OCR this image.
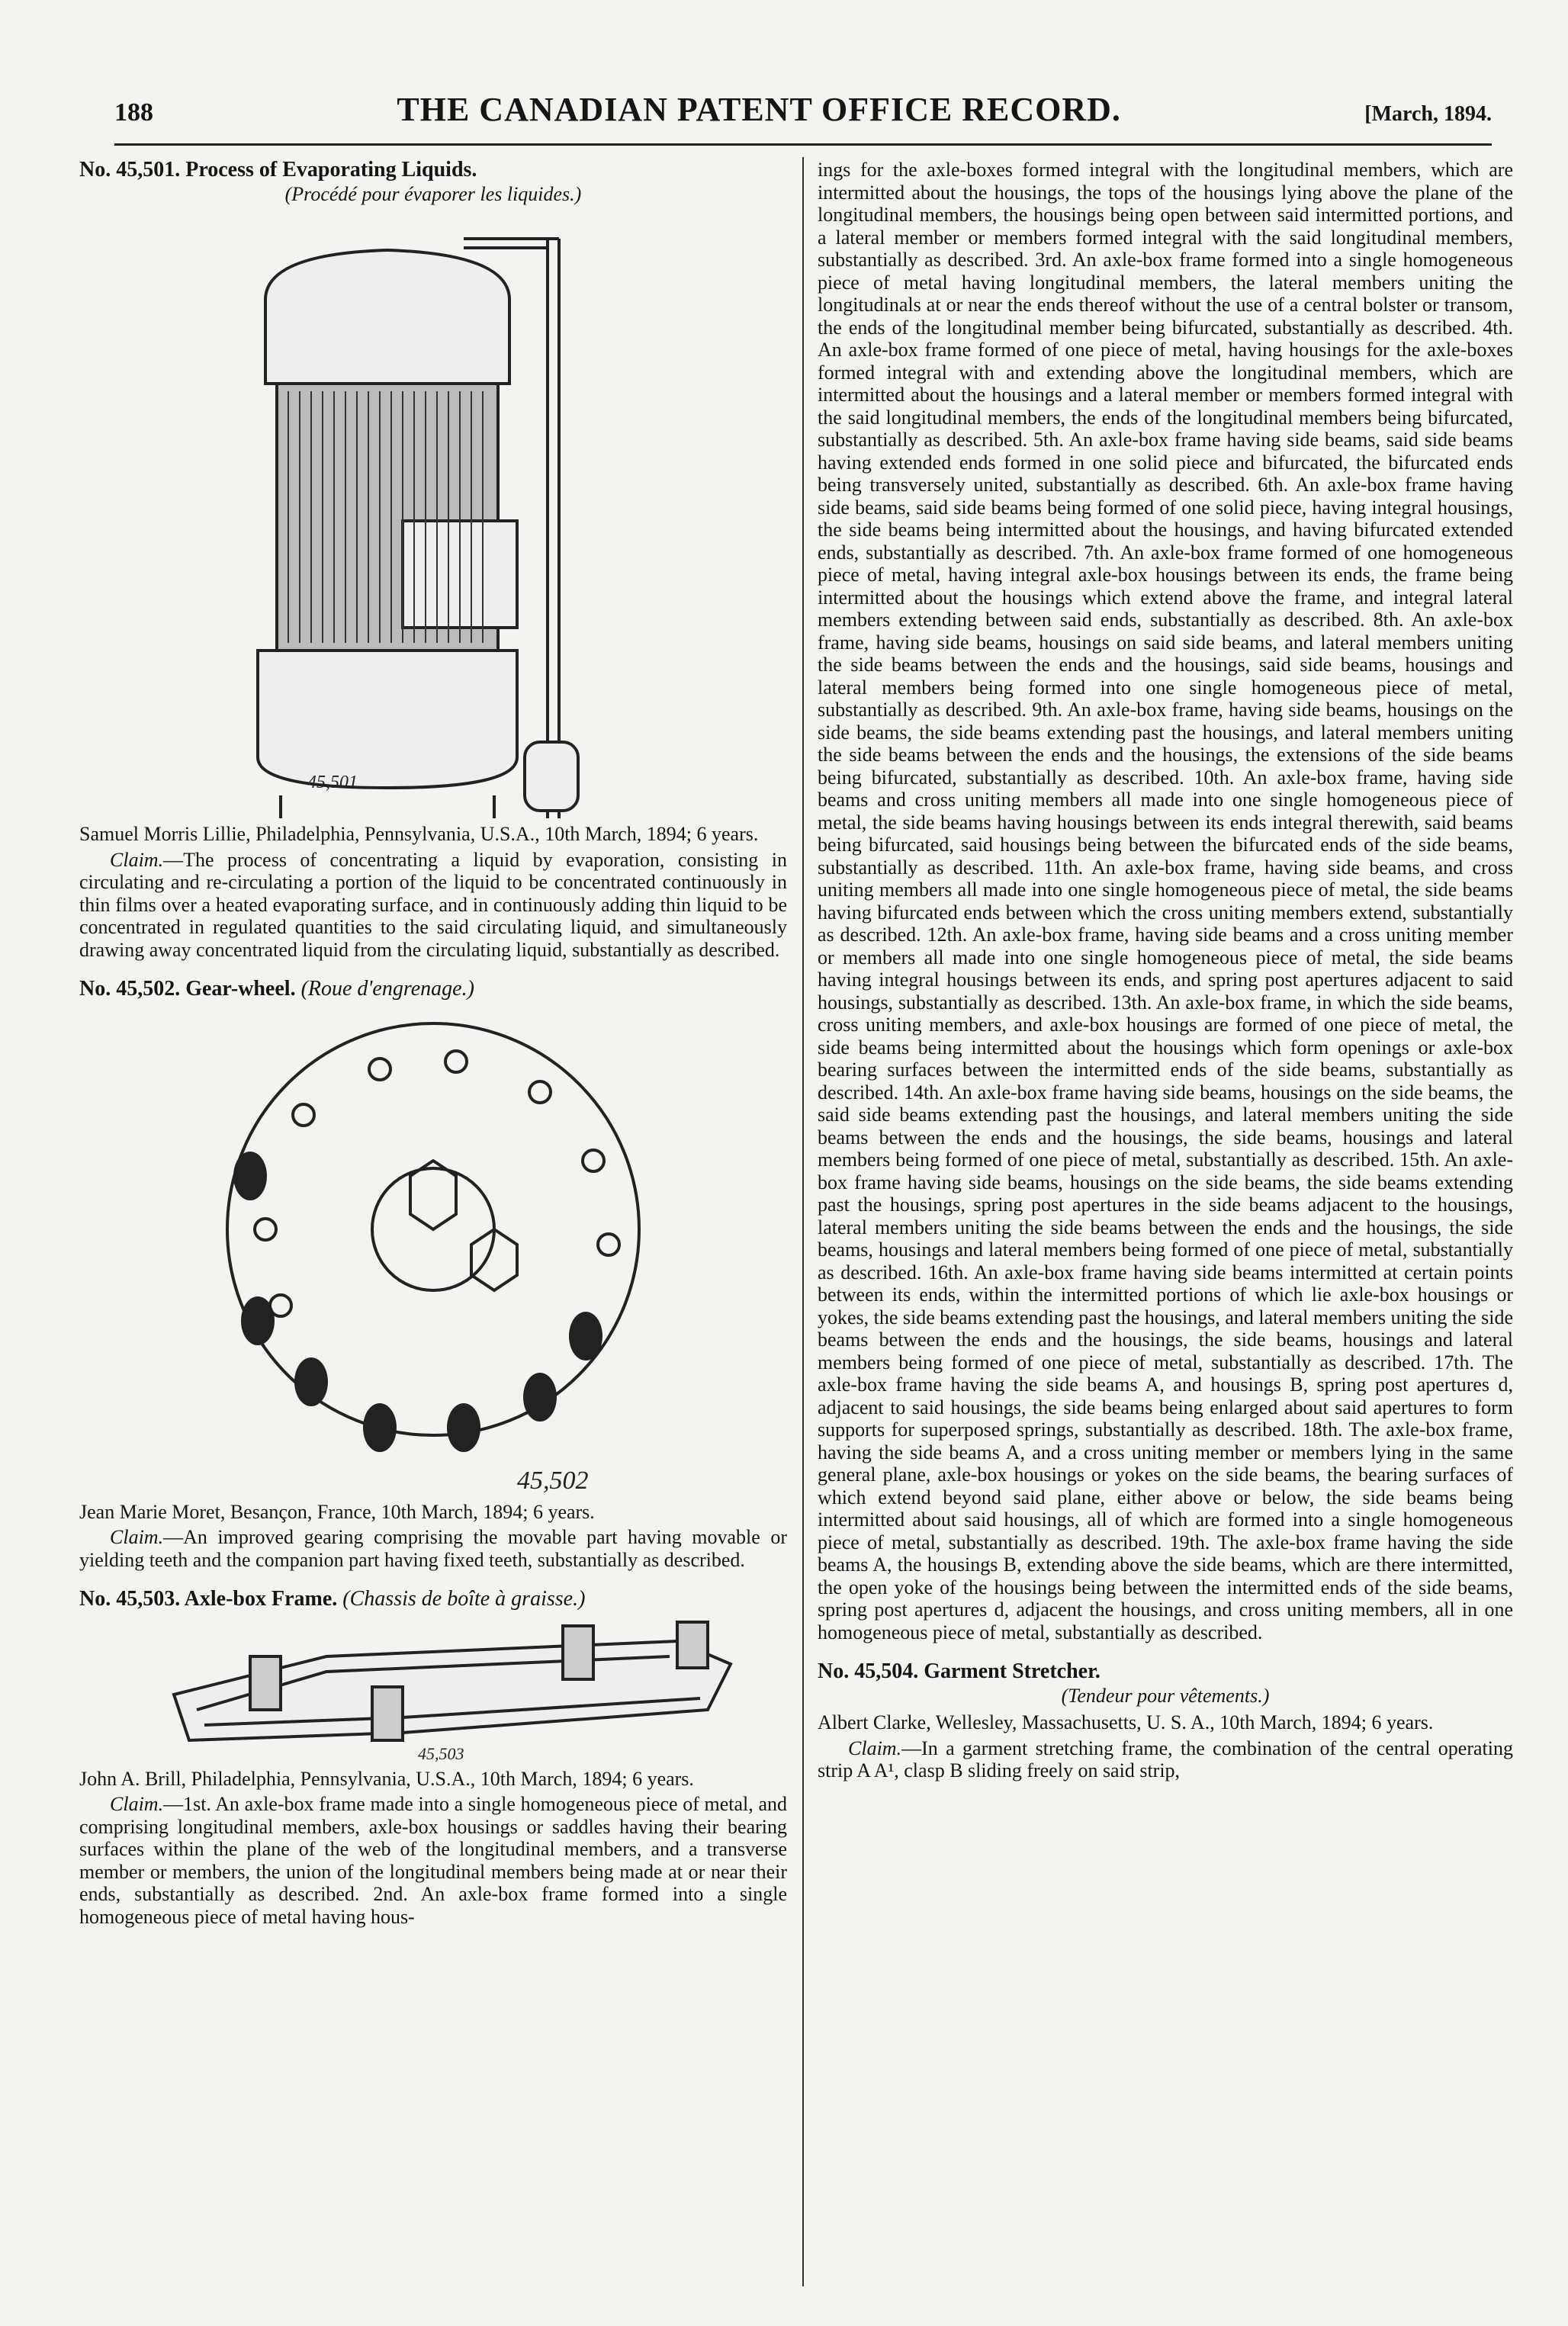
188	THE CANADIAN PATENT OFFICE RECORD.	[March, 1894.

No. 45,501. Process of Evaporating Liquids.

(Procédé pour évaporer les liquides.)

45,501

Samuel Morris Lillie, Philadelphia, Pennsylvania, U.S.A., 10th March, 1894; 6 years.

Claim.—The process of concentrating a liquid by evaporation, consisting in circulating and re-circulating a portion of the liquid to be concentrated continuously in thin films over a heated evaporating surface, and in continuously adding thin liquid to be concentrated in regulated quantities to the said circulating liquid, and simultaneously drawing away concentrated liquid from the circulating liquid, substantially as described.

No. 45,502. Gear-wheel. (Roue d'engrenage.)

45,502

Jean Marie Moret, Besançon, France, 10th March, 1894; 6 years.

Claim.—An improved gearing comprising the movable part having movable or yielding teeth and the companion part having fixed teeth, substantially as described.

No. 45,503. Axle-box Frame. (Chassis de boîte à graisse.)

45,503

John A. Brill, Philadelphia, Pennsylvania, U.S.A., 10th March, 1894; 6 years.

Claim.—1st. An axle-box frame made into a single homogeneous piece of metal, and comprising longitudinal members, axle-box housings or saddles having their bearing surfaces within the plane of the web of the longitudinal members, and a transverse member or members, the union of the longitudinal members being made at or near their ends, substantially as described. 2nd. An axle-box frame formed into a single homogeneous piece of metal having hous-

ings for the axle-boxes formed integral with the longitudinal members, which are intermitted about the housings, the tops of the housings lying above the plane of the longitudinal members, the housings being open between said intermitted portions, and a lateral member or members formed integral with the said longitudinal members, substantially as described. 3rd. An axle-box frame formed into a single homogeneous piece of metal having longitudinal members, the lateral members uniting the longitudinals at or near the ends thereof without the use of a central bolster or transom, the ends of the longitudinal member being bifurcated, substantially as described. 4th. An axle-box frame formed of one piece of metal, having housings for the axle-boxes formed integral with and extending above the longitudinal members, which are intermitted about the housings and a lateral member or members formed integral with the said longitudinal members, the ends of the longitudinal members being bifurcated, substantially as described. 5th. An axle-box frame having side beams, said side beams having extended ends formed in one solid piece and bifurcated, the bifurcated ends being transversely united, substantially as described. 6th. An axle-box frame having side beams, said side beams being formed of one solid piece, having integral housings, the side beams being intermitted about the housings, and having bifurcated extended ends, substantially as described. 7th. An axle-box frame formed of one homogeneous piece of metal, having integral axle-box housings between its ends, the frame being intermitted about the housings which extend above the frame, and integral lateral members extending between said ends, substantially as described. 8th. An axle-box frame, having side beams, housings on said side beams, and lateral members uniting the side beams between the ends and the housings, said side beams, housings and lateral members being formed into one single homogeneous piece of metal, substantially as described. 9th. An axle-box frame, having side beams, housings on the side beams, the side beams extending past the housings, and lateral members uniting the side beams between the ends and the housings, the extensions of the side beams being bifurcated, substantially as described. 10th. An axle-box frame, having side beams and cross uniting members all made into one single homogeneous piece of metal, the side beams having housings between its ends integral therewith, said beams being bifurcated, said housings being between the bifurcated ends of the side beams, substantially as described. 11th. An axle-box frame, having side beams, and cross uniting members all made into one single homogeneous piece of metal, the side beams having bifurcated ends between which the cross uniting members extend, substantially as described. 12th. An axle-box frame, having side beams and a cross uniting member or members all made into one single homogeneous piece of metal, the side beams having integral housings between its ends, and spring post apertures adjacent to said housings, substantially as described. 13th. An axle-box frame, in which the side beams, cross uniting members, and axle-box housings are formed of one piece of metal, the side beams being intermitted about the housings which form openings or axle-box bearing surfaces between the intermitted ends of the side beams, substantially as described. 14th. An axle-box frame having side beams, housings on the side beams, the said side beams extending past the housings, and lateral members uniting the side beams between the ends and the housings, the side beams, housings and lateral members being formed of one piece of metal, substantially as described. 15th. An axle-box frame having side beams, housings on the side beams, the side beams extending past the housings, spring post apertures in the side beams adjacent to the housings, lateral members uniting the side beams between the ends and the housings, the side beams, housings and lateral members being formed of one piece of metal, substantially as described. 16th. An axle-box frame having side beams intermitted at certain points between its ends, within the intermitted portions of which lie axle-box housings or yokes, the side beams extending past the housings, and lateral members uniting the side beams between the ends and the housings, the side beams, housings and lateral members being formed of one piece of metal, substantially as described. 17th. The axle-box frame having the side beams A, and housings B, spring post apertures d, adjacent to said housings, the side beams being enlarged about said apertures to form supports for superposed springs, substantially as described. 18th. The axle-box frame, having the side beams A, and a cross uniting member or members lying in the same general plane, axle-box housings or yokes on the side beams, the bearing surfaces of which extend beyond said plane, either above or below, the side beams being intermitted about said housings, all of which are formed into a single homogeneous piece of metal, substantially as described. 19th. The axle-box frame having the side beams A, the housings B, extending above the side beams, which are there intermitted, the open yoke of the housings being between the intermitted ends of the side beams, spring post apertures d, adjacent the housings, and cross uniting members, all in one homogeneous piece of metal, substantially as described.

No. 45,504. Garment Stretcher.

(Tendeur pour vêtements.)

Albert Clarke, Wellesley, Massachusetts, U. S. A., 10th March, 1894; 6 years.

Claim.—In a garment stretching frame, the combination of the central operating strip A A¹, clasp B sliding freely on said strip,
